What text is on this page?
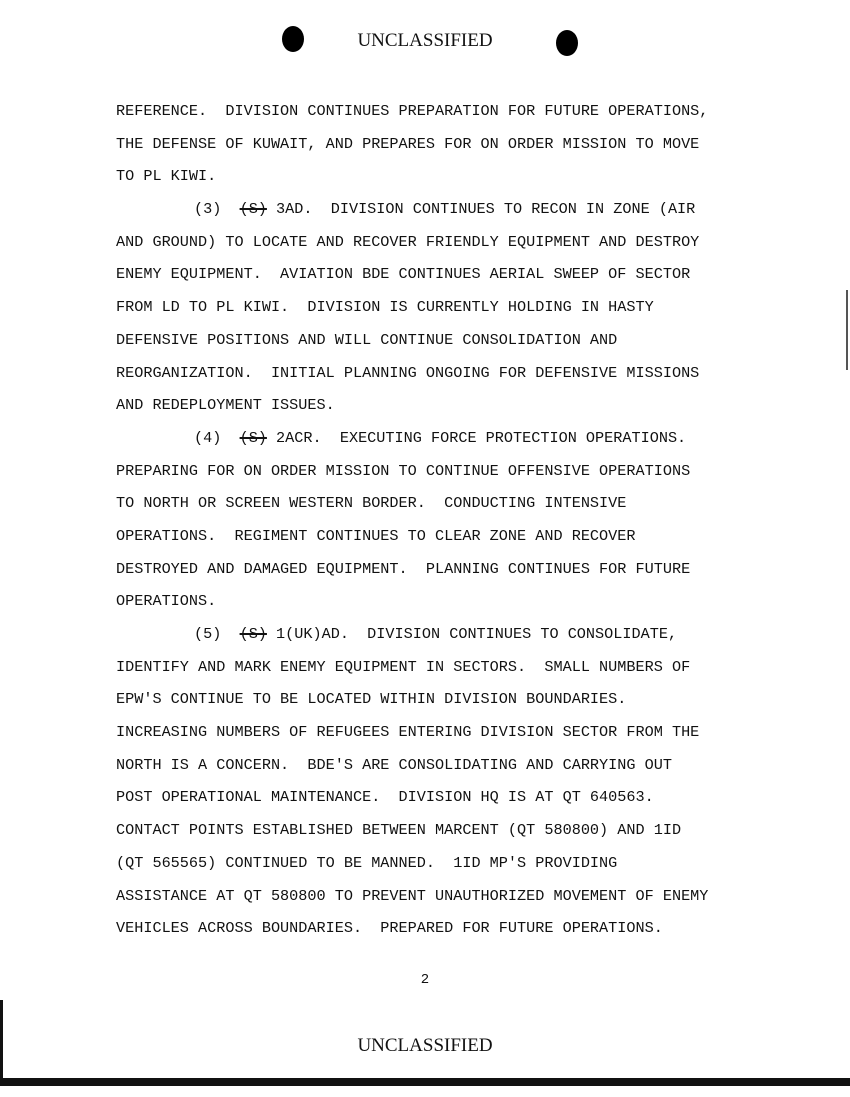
UNCLASSIFIED
REFERENCE.  DIVISION CONTINUES PREPARATION FOR FUTURE OPERATIONS,
THE DEFENSE OF KUWAIT, AND PREPARES FOR ON ORDER MISSION TO MOVE
TO PL KIWI.
(3) (S) 3AD.  DIVISION CONTINUES TO RECON IN ZONE (AIR
AND GROUND) TO LOCATE AND RECOVER FRIENDLY EQUIPMENT AND DESTROY
ENEMY EQUIPMENT.  AVIATION BDE CONTINUES AERIAL SWEEP OF SECTOR
FROM LD TO PL KIWI.  DIVISION IS CURRENTLY HOLDING IN HASTY
DEFENSIVE POSITIONS AND WILL CONTINUE CONSOLIDATION AND
REORGANIZATION.  INITIAL PLANNING ONGOING FOR DEFENSIVE MISSIONS
AND REDEPLOYMENT ISSUES.
(4) (S) 2ACR.  EXECUTING FORCE PROTECTION OPERATIONS.
PREPARING FOR ON ORDER MISSION TO CONTINUE OFFENSIVE OPERATIONS
TO NORTH OR SCREEN WESTERN BORDER.  CONDUCTING INTENSIVE
OPERATIONS.  REGIMENT CONTINUES TO CLEAR ZONE AND RECOVER
DESTROYED AND DAMAGED EQUIPMENT.  PLANNING CONTINUES FOR FUTURE
OPERATIONS.
(5) (S) 1(UK)AD.  DIVISION CONTINUES TO CONSOLIDATE,
IDENTIFY AND MARK ENEMY EQUIPMENT IN SECTORS.  SMALL NUMBERS OF
EPW'S CONTINUE TO BE LOCATED WITHIN DIVISION BOUNDARIES.
INCREASING NUMBERS OF REFUGEES ENTERING DIVISION SECTOR FROM THE
NORTH IS A CONCERN.  BDE'S ARE CONSOLIDATING AND CARRYING OUT
POST OPERATIONAL MAINTENANCE.  DIVISION HQ IS AT QT 640563.
CONTACT POINTS ESTABLISHED BETWEEN MARCENT (QT 580800) AND 1ID
(QT 565565) CONTINUED TO BE MANNED.  1ID MP'S PROVIDING
ASSISTANCE AT QT 580800 TO PREVENT UNAUTHORIZED MOVEMENT OF ENEMY
VEHICLES ACROSS BOUNDARIES.  PREPARED FOR FUTURE OPERATIONS.
2
UNCLASSIFIED
